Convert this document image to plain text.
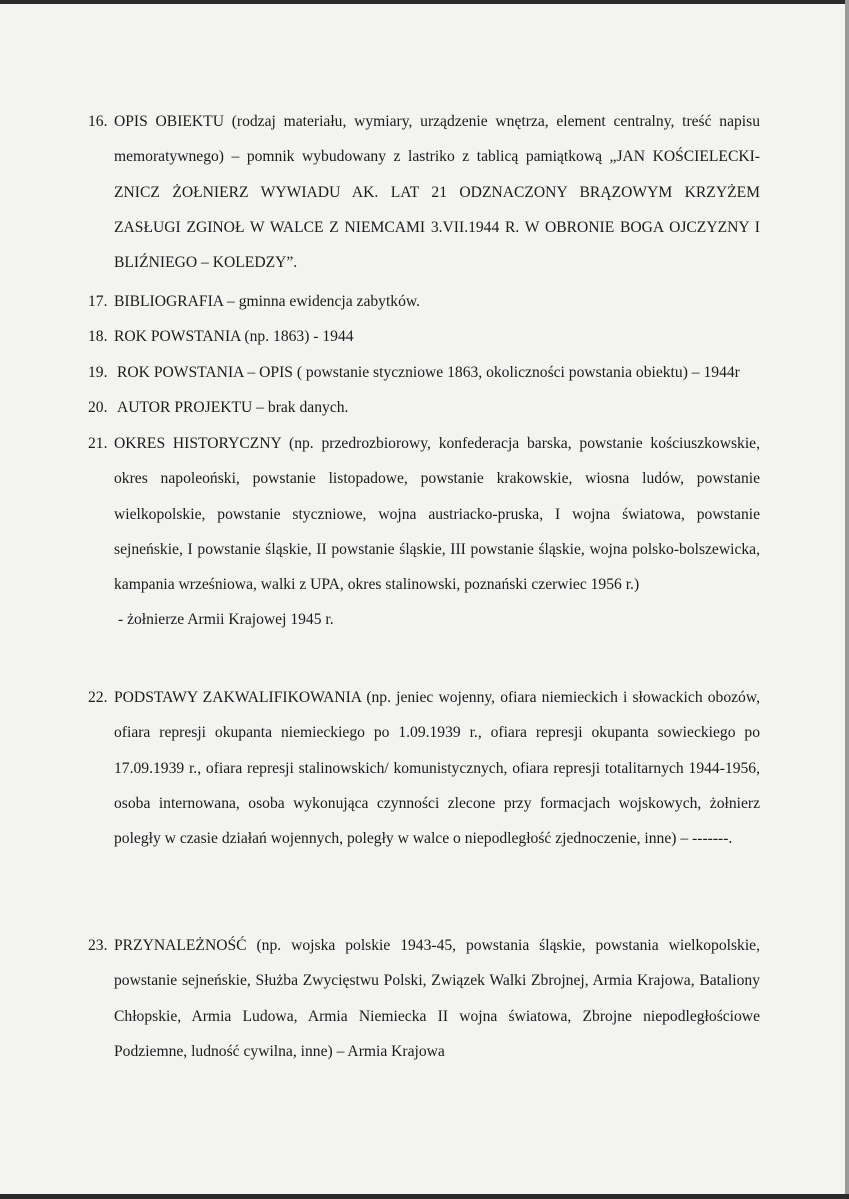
16. OPIS OBIEKTU (rodzaj materiału, wymiary, urządzenie wnętrza, element centralny, treść napisu memoratywnego) – pomnik wybudowany z lastriko z tablicą pamiątkową „JAN KOŚCIELECKI-ZNICZ ŻOŁNIERZ WYWIADU AK. LAT 21 ODZNACZONY BRĄZOWYM KRZYŻEM ZASŁUGI ZGINOŁ W WALCE Z NIEMCAMI 3.VII.1944 R. W OBRONIE BOGA OJCZYZNY I BLIŹNIEGO – KOLEDZY”.
17. BIBLIOGRAFIA – gminna ewidencja zabytków.
18. ROK POWSTANIA (np. 1863) - 1944
19. ROK POWSTANIA – OPIS ( powstanie styczniowe 1863, okoliczności powstania obiektu) – 1944r
20. AUTOR PROJEKTU – brak danych.
21. OKRES HISTORYCZNY (np. przedrozbiorowy, konfederacja barska, powstanie kościuszkowskie, okres napoleoński, powstanie listopadowe, powstanie krakowskie, wiosna ludów, powstanie wielkopolskie, powstanie styczniowe, wojna austriacko-pruska, I wojna światowa, powstanie sejneńskie, I powstanie śląskie, II powstanie śląskie, III powstanie śląskie, wojna polsko-bolszewicka, kampania wrześniowa, walki z UPA, okres stalinowski, poznański czerwiec 1956 r.)
- żołnierze Armii Krajowej 1945 r.
22. PODSTAWY ZAKWALIFIKOWANIA (np. jeniec wojenny, ofiara niemieckich i słowackich obozów, ofiara represji okupanta niemieckiego po 1.09.1939 r., ofiara represji okupanta sowieckiego po 17.09.1939 r., ofiara represji stalinowskich/ komunistycznych, ofiara represji totalitarnych 1944-1956, osoba internowana, osoba wykonująca czynności zlecone przy formacjach wojskowych, żołnierz poległy w czasie działań wojennych, poległy w walce o niepodległość zjednoczenie, inne) – -------.
23. PRZYNALEŻNOŚĆ (np. wojska polskie 1943-45, powstania śląskie, powstania wielkopolskie, powstanie sejneńskie, Służba Zwycięstwu Polski, Związek Walki Zbrojnej, Armia Krajowa, Bataliony Chłopskie, Armia Ludowa, Armia Niemiecka II wojna światowa, Zbrojne niepodległościowe Podziemne, ludność cywilna, inne) – Armia Krajowa
